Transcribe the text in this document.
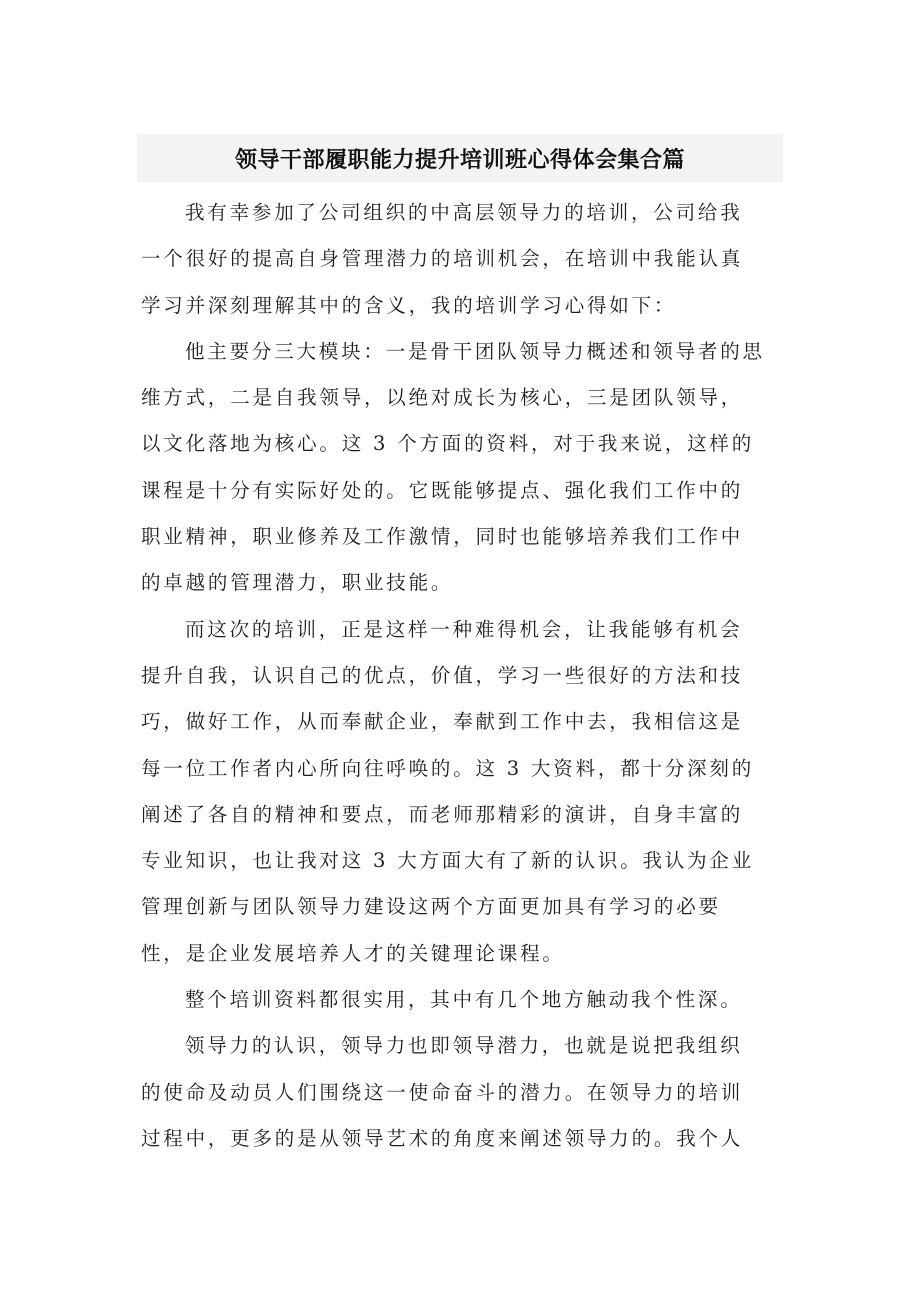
领导干部履职能力提升培训班心得体会集合篇
我有幸参加了公司组织的中高层领导力的培训，公司给我
一个很好的提高自身管理潜力的培训机会，在培训中我能认真
学习并深刻理解其中的含义，我的培训学习心得如下：
他主要分三大模块：一是骨干团队领导力概述和领导者的思
维方式，二是自我领导，以绝对成长为核心，三是团队领导，
以文化落地为核心。这 3 个方面的资料，对于我来说，这样的
课程是十分有实际好处的。它既能够提点、强化我们工作中的
职业精神，职业修养及工作激情，同时也能够培养我们工作中
的卓越的管理潜力，职业技能。
而这次的培训，正是这样一种难得机会，让我能够有机会
提升自我，认识自己的优点，价值，学习一些很好的方法和技
巧，做好工作，从而奉献企业，奉献到工作中去，我相信这是
每一位工作者内心所向往呼唤的。这 3 大资料，都十分深刻的
阐述了各自的精神和要点，而老师那精彩的演讲，自身丰富的
专业知识，也让我对这 3 大方面大有了新的认识。我认为企业
管理创新与团队领导力建设这两个方面更加具有学习的必要
性，是企业发展培养人才的关键理论课程。
整个培训资料都很实用，其中有几个地方触动我个性深。
领导力的认识，领导力也即领导潜力，也就是说把我组织
的使命及动员人们围绕这一使命奋斗的潜力。在领导力的培训
过程中，更多的是从领导艺术的角度来阐述领导力的。我个人
